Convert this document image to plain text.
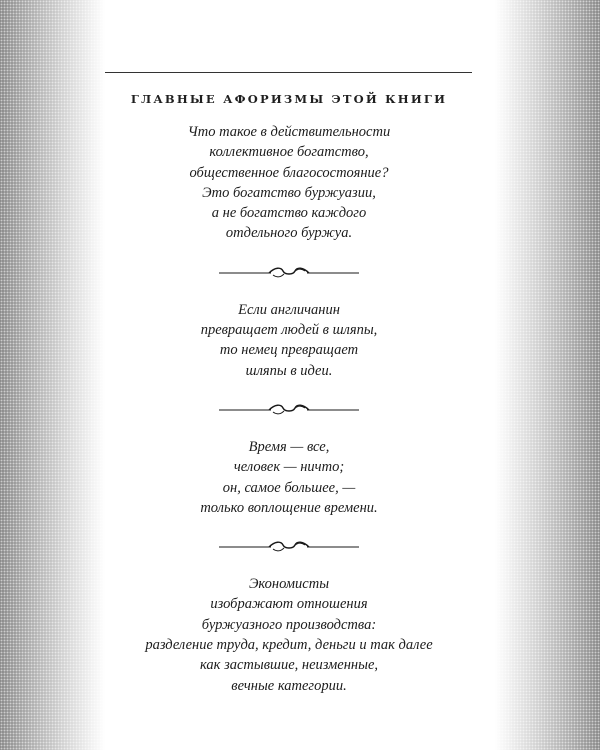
ГЛАВНЫЕ АФОРИЗМЫ ЭТОЙ КНИГИ
Что такое в действительности
коллективное богатство,
общественное благосостояние?
Это богатство буржуазии,
а не богатство каждого
отдельного буржуа.
Если англичанин
превращает людей в шляпы,
то немец превращает
шляпы в идеи.
Время — все,
человек — ничто;
он, самое большее, —
только воплощение времени.
Экономисты
изображают отношения
буржуазного производства:
разделение труда, кредит, деньги и так далее
как застывшие, неизменные,
вечные категории.
